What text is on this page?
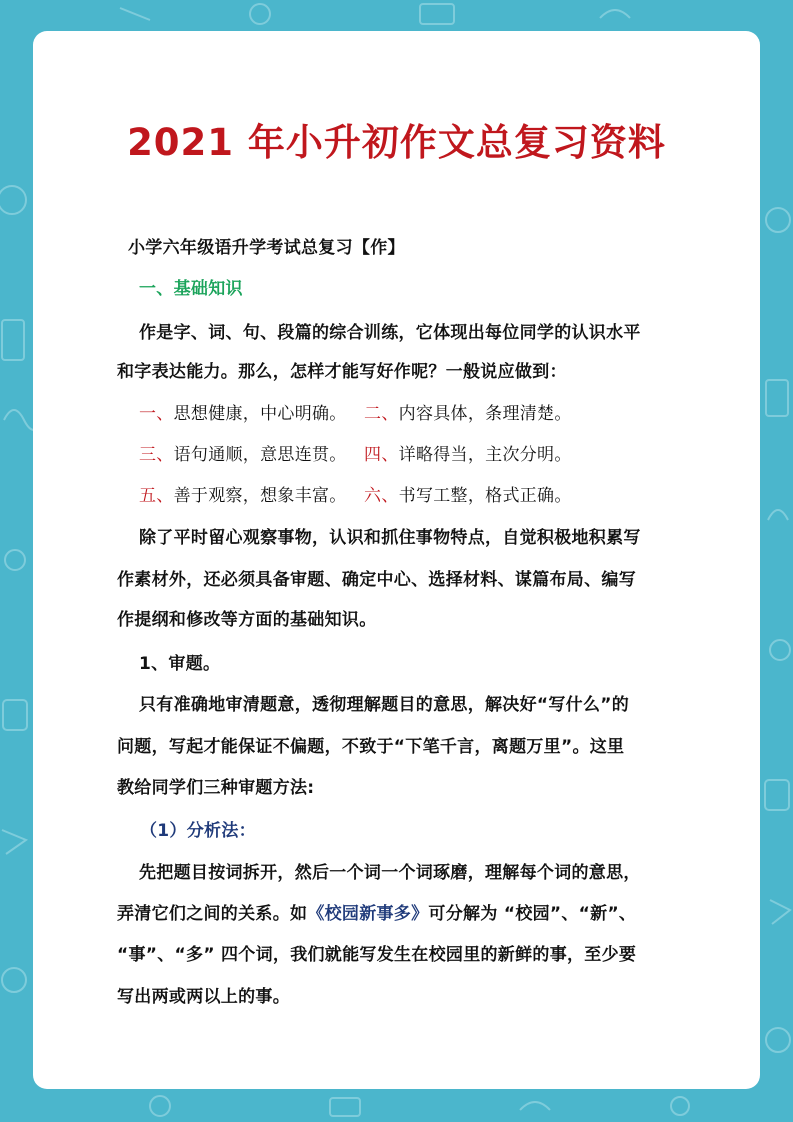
2021 年小升初作文总复习资料
小学六年级语升学考试总复习【作】
一、基础知识
作是字、词、句、段篇的综合训练，它体现出每位同学的认识水平
和字表达能力。那么，怎样才能写好作呢？一般说应做到：
一、思想健康，中心明确。 二、内容具体，条理清楚。
三、语句通顺，意思连贯。 四、详略得当，主次分明。
五、善于观察，想象丰富。 六、书写工整，格式正确。
除了平时留心观察事物，认识和抓住事物特点，自觉积极地积累写
作素材外，还必须具备审题、确定中心、选择材料、谋篇布局、编写
作提纲和修改等方面的基础知识。
1、审题。
只有准确地审清题意，透彻理解题目的意思，解决好“写什么”的
问题，写起才能保证不偏题，不致于“下笔千言，离题万里”。这里
教给同学们三种审题方法:
（1）分析法：
先把题目按词拆开，然后一个词一个词琢磨，理解每个词的意思，
弄清它们之间的关系。如《校园新事多》可分解为 “校园”、“新”、
“事”、“多” 四个词，我们就能写发生在校园里的新鲜的事，至少要
写出两或两以上的事。
